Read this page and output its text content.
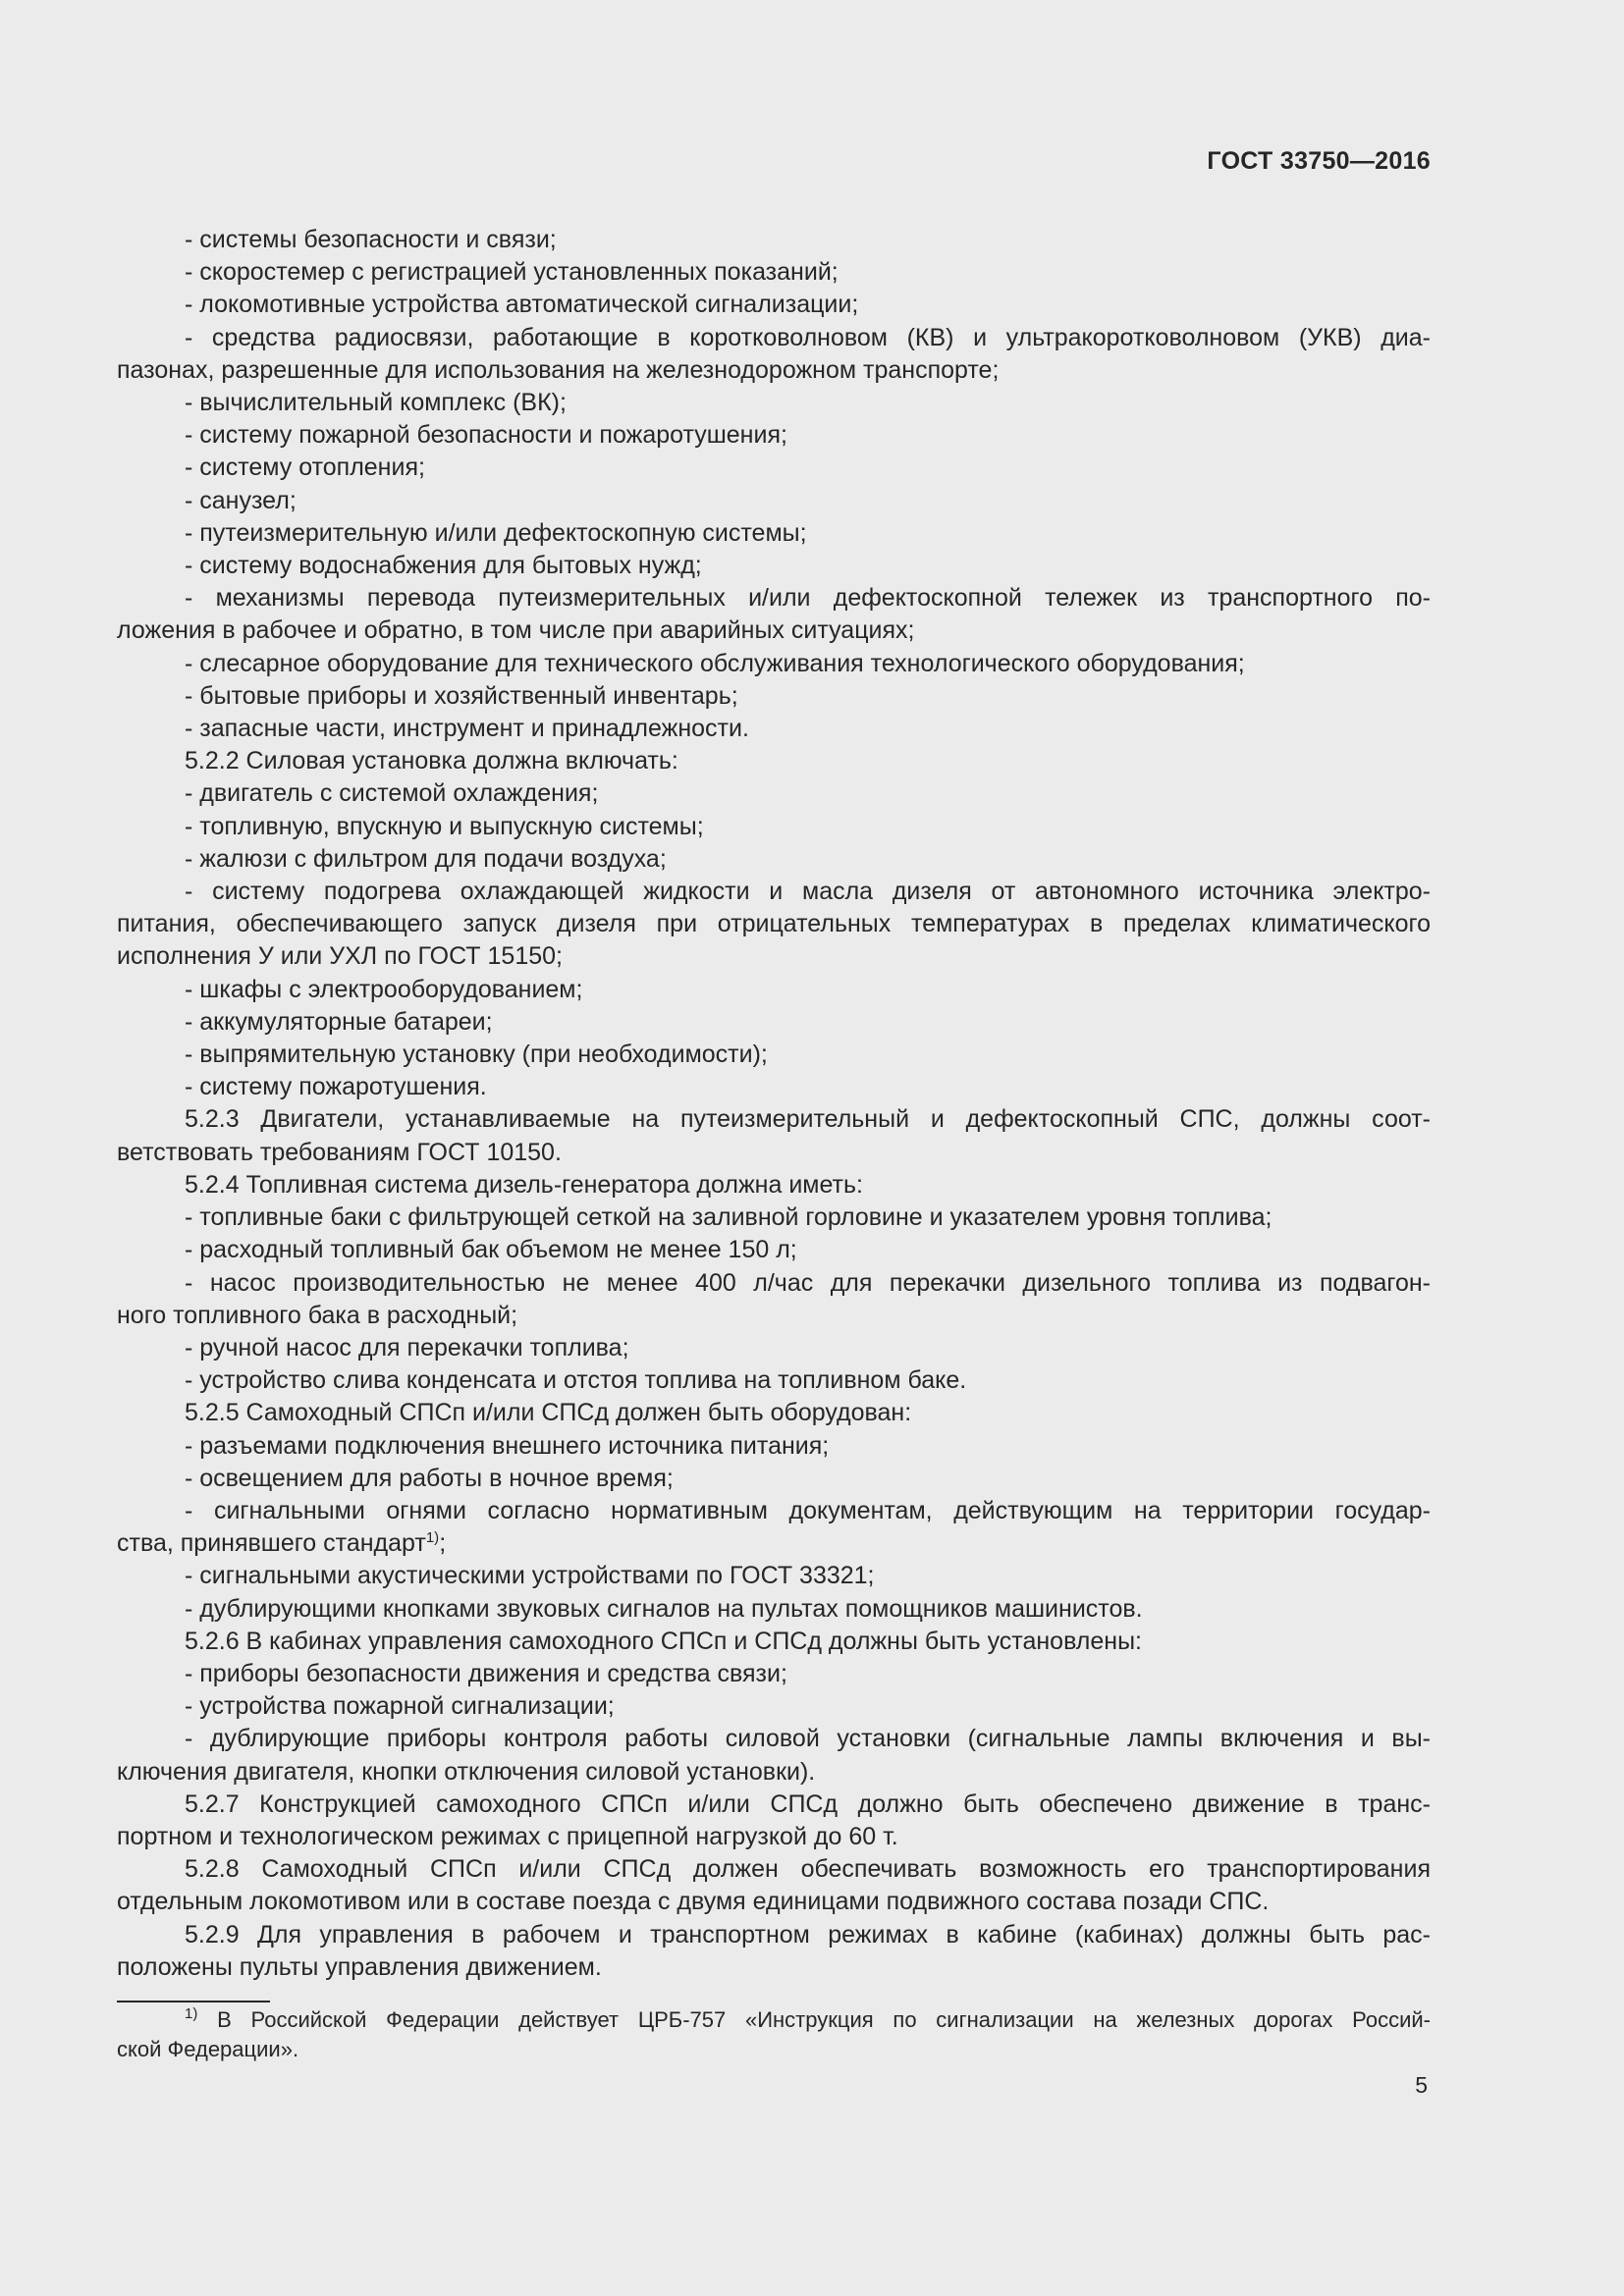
ГОСТ 33750—2016
- системы безопасности и связи;
- скоростемер с регистрацией установленных показаний;
- локомотивные устройства автоматической сигнализации;
- средства радиосвязи, работающие в коротковолновом (КВ) и ультракоротковолновом (УКВ) диа-
пазонах, разрешенные для использования на железнодорожном транспорте;
- вычислительный комплекс (ВК);
- систему пожарной безопасности и пожаротушения;
- систему отопления;
- санузел;
- путеизмерительную и/или дефектоскопную системы;
- систему водоснабжения для бытовых нужд;
- механизмы перевода путеизмерительных и/или дефектоскопной тележек из транспортного по-
ложения в рабочее и обратно, в том числе при аварийных ситуациях;
- слесарное оборудование для технического обслуживания технологического оборудования;
- бытовые приборы и хозяйственный инвентарь;
- запасные части, инструмент и принадлежности.
5.2.2 Силовая установка должна включать:
- двигатель с системой охлаждения;
- топливную, впускную и выпускную системы;
- жалюзи с фильтром для подачи воздуха;
- систему подогрева охлаждающей жидкости и масла дизеля от автономного источника электро-
питания, обеспечивающего запуск дизеля при отрицательных температурах в пределах климатического
исполнения У или УХЛ по ГОСТ 15150;
- шкафы с электрооборудованием;
- аккумуляторные батареи;
- выпрямительную установку (при необходимости);
- систему пожаротушения.
5.2.3 Двигатели, устанавливаемые на путеизмерительный и дефектоскопный СПС, должны соот-
ветствовать требованиям ГОСТ 10150.
5.2.4 Топливная система дизель-генератора должна иметь:
- топливные баки с фильтрующей сеткой на заливной горловине и указателем уровня топлива;
- расходный топливный бак объемом не менее 150 л;
- насос производительностью не менее 400 л/час для перекачки дизельного топлива из подвагон-
ного топливного бака в расходный;
- ручной насос для перекачки топлива;
- устройство слива конденсата и отстоя топлива на топливном баке.
5.2.5 Самоходный СПСп и/или СПСд должен быть оборудован:
- разъемами подключения внешнего источника питания;
- освещением для работы в ночное время;
- сигнальными огнями согласно нормативным документам, действующим на территории государ-
ства, принявшего стандарт$^{1)}$;
- сигнальными акустическими устройствами по ГОСТ 33321;
- дублирующими кнопками звуковых сигналов на пультах помощников машинистов.
5.2.6 В кабинах управления самоходного СПСп и СПСд должны быть установлены:
- приборы безопасности движения и средства связи;
- устройства пожарной сигнализации;
- дублирующие приборы контроля работы силовой установки (сигнальные лампы включения и вы-
ключения двигателя, кнопки отключения силовой установки).
5.2.7 Конструкцией самоходного СПСп и/или СПСд должно быть обеспечено движение в транс-
портном и технологическом режимах с прицепной нагрузкой до 60 т.
5.2.8 Самоходный СПСп и/или СПСд должен обеспечивать возможность его транспортирования
отдельным локомотивом или в составе поезда с двумя единицами подвижного состава позади СПС.
5.2.9 Для управления в рабочем и транспортном режимах в кабине (кабинах) должны быть рас-
положены пульты управления движением.
$^{1)}$ В Российской Федерации действует ЦРБ-757 «Инструкция по сигнализации на железных дорогах Россий-
ской Федерации».
5
